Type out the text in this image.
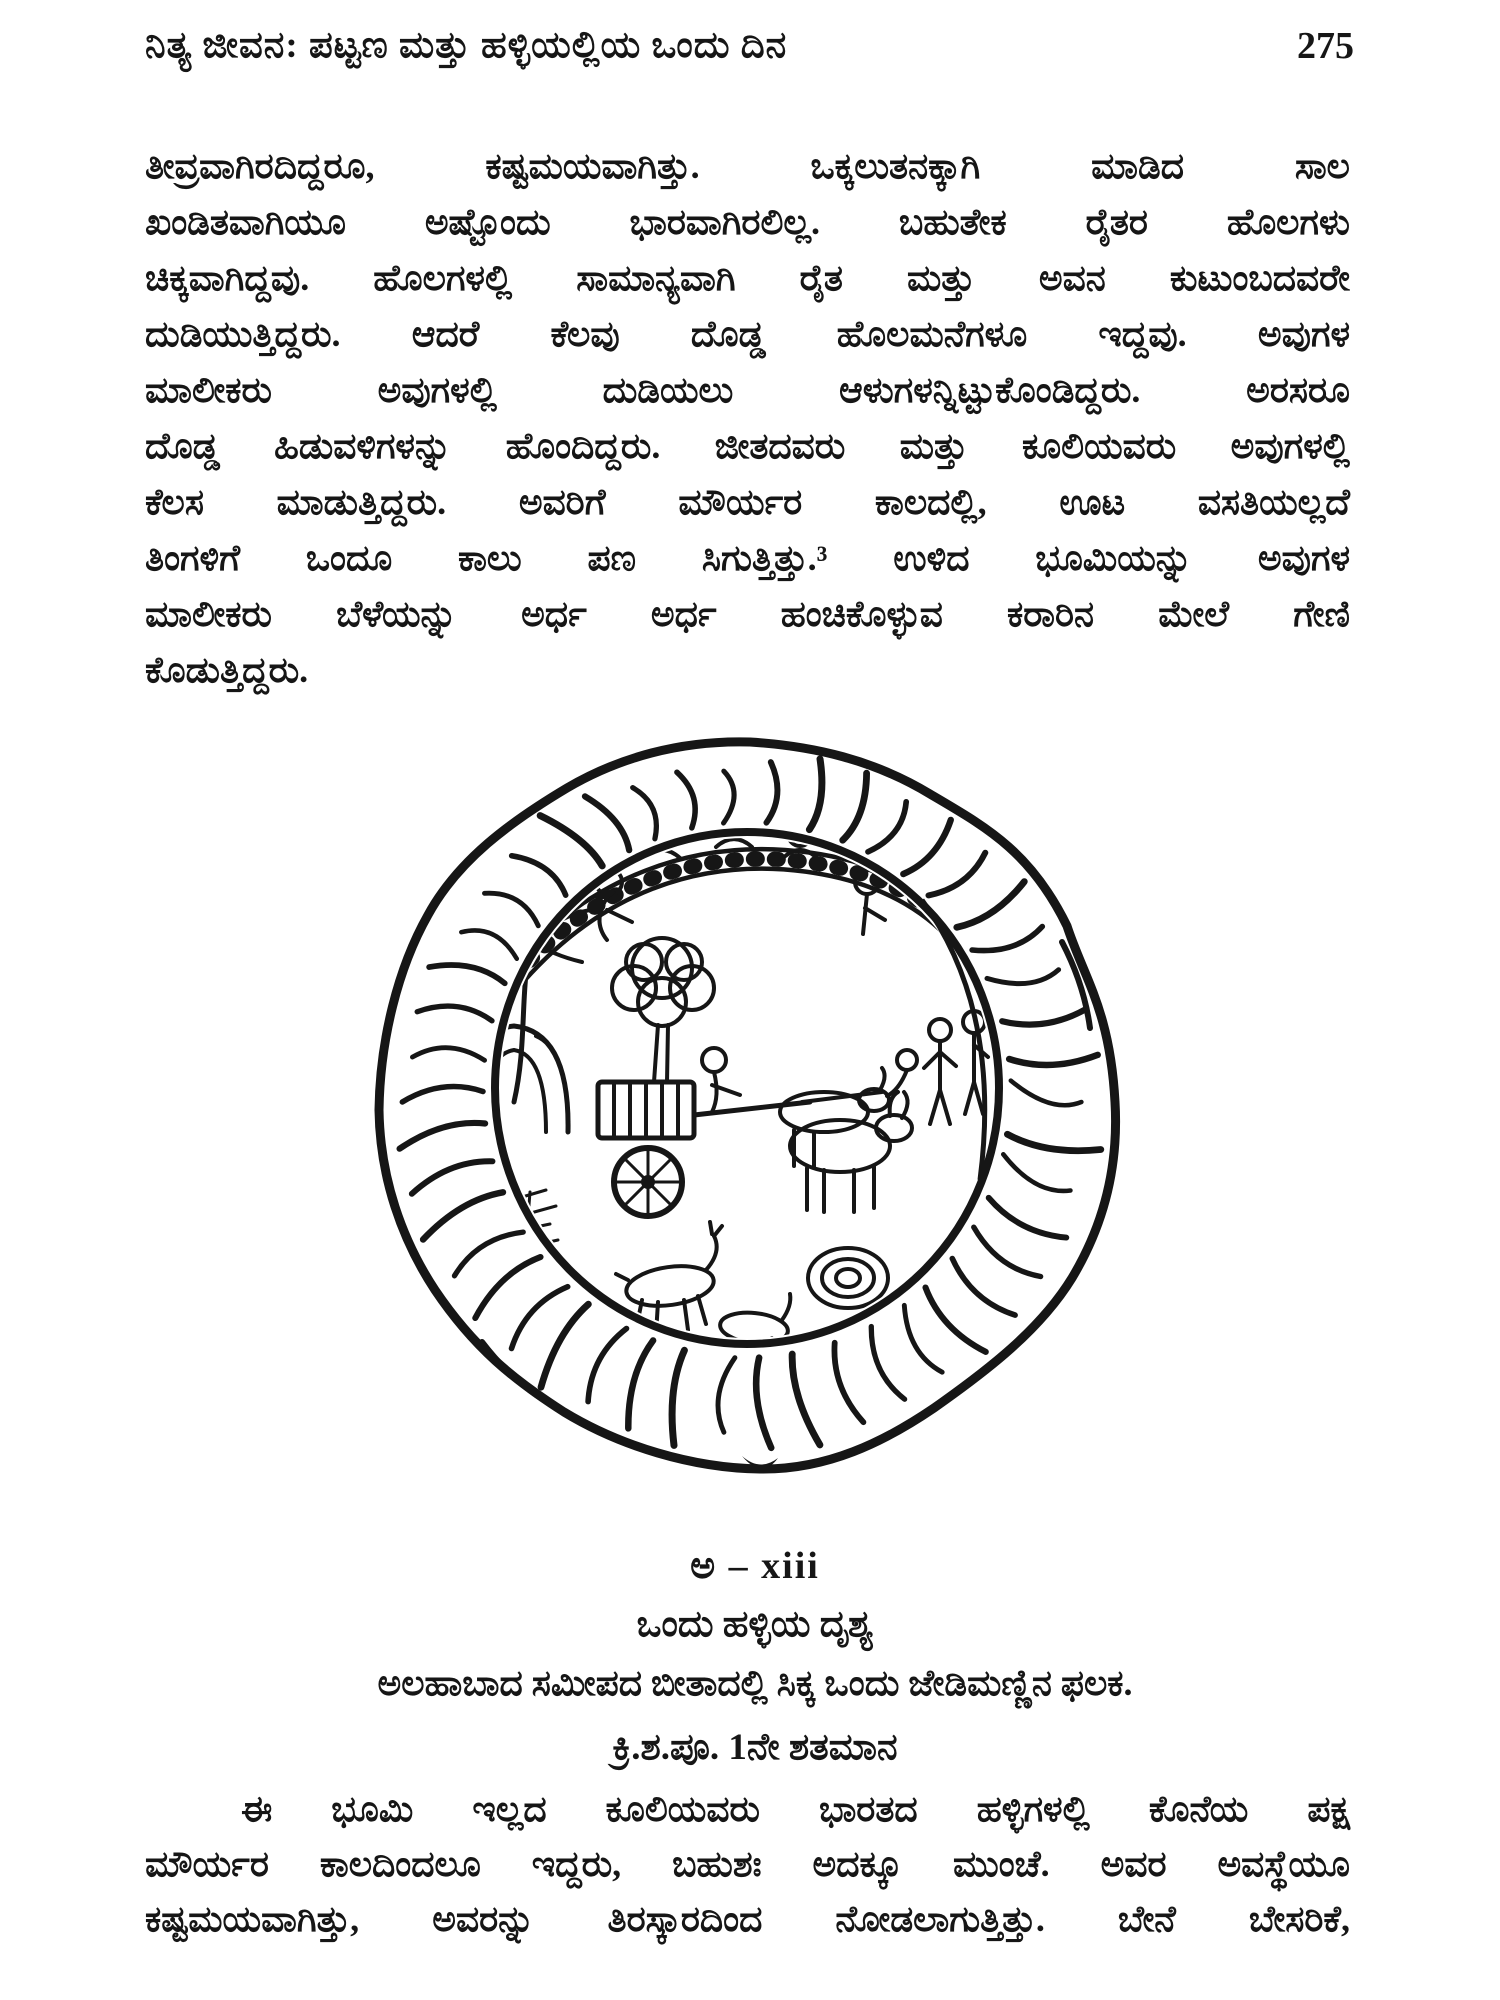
ನಿತ್ಯ ಜೀವನ: ಪಟ್ಟಣ ಮತ್ತು ಹಳ್ಳಿಯಲ್ಲಿಯ ಒಂದು ದಿನ	275
ತೀವ್ರವಾಗಿರದಿದ್ದರೂ, ಕಷ್ಟಮಯವಾಗಿತ್ತು. ಒಕ್ಕಲುತನಕ್ಕಾಗಿ ಮಾಡಿದ ಸಾಲ
ಖಂಡಿತವಾಗಿಯೂ ಅಷ್ಟೊಂದು ಭಾರವಾಗಿರಲಿಲ್ಲ. ಬಹುತೇಕ ರೈತರ ಹೊಲಗಳು
ಚಿಕ್ಕವಾಗಿದ್ದವು. ಹೊಲಗಳಲ್ಲಿ ಸಾಮಾನ್ಯವಾಗಿ ರೈತ ಮತ್ತು ಅವನ ಕುಟುಂಬದವರೇ
ದುಡಿಯುತ್ತಿದ್ದರು. ಆದರೆ ಕೆಲವು ದೊಡ್ಡ ಹೊಲಮನೆಗಳೂ ಇದ್ದವು. ಅವುಗಳ
ಮಾಲೀಕರು ಅವುಗಳಲ್ಲಿ ದುಡಿಯಲು ಆಳುಗಳನ್ನಿಟ್ಟುಕೊಂಡಿದ್ದರು. ಅರಸರೂ
ದೊಡ್ಡ ಹಿಡುವಳಿಗಳನ್ನು ಹೊಂದಿದ್ದರು. ಜೀತದವರು ಮತ್ತು ಕೂಲಿಯವರು ಅವುಗಳಲ್ಲಿ
ಕೆಲಸ ಮಾಡುತ್ತಿದ್ದರು. ಅವರಿಗೆ ಮೌರ್ಯರ ಕಾಲದಲ್ಲಿ, ಊಟ ವಸತಿಯಲ್ಲದೆ
ತಿಂಗಳಿಗೆ ಒಂದೂ ಕಾಲು ಪಣ ಸಿಗುತ್ತಿತ್ತು.³ ಉಳಿದ ಭೂಮಿಯನ್ನು ಅವುಗಳ
ಮಾಲೀಕರು ಬೆಳೆಯನ್ನು ಅರ್ಧ ಅರ್ಧ ಹಂಚಿಕೊಳ್ಳುವ ಕರಾರಿನ ಮೇಲೆ ಗೇಣಿ
ಕೊಡುತ್ತಿದ್ದರು.
ಅ – xiii
ಒಂದು ಹಳ್ಳಿಯ ದೃಶ್ಯ
ಅಲಹಾಬಾದ ಸಮೀಪದ ಬೀತಾದಲ್ಲಿ ಸಿಕ್ಕ ಒಂದು ಜೇಡಿಮಣ್ಣಿನ ಫಲಕ.
ಕ್ರಿ.ಶ.ಪೂ. 1ನೇ ಶತಮಾನ
ಈ ಭೂಮಿ ಇಲ್ಲದ ಕೂಲಿಯವರು ಭಾರತದ ಹಳ್ಳಿಗಳಲ್ಲಿ ಕೊನೆಯ ಪಕ್ಷ
ಮೌರ್ಯರ ಕಾಲದಿಂದಲೂ ಇದ್ದರು, ಬಹುಶಃ ಅದಕ್ಕೂ ಮುಂಚೆ. ಅವರ ಅವಸ್ಥೆಯೂ
ಕಷ್ಟಮಯವಾಗಿತ್ತು, ಅವರನ್ನು ತಿರಸ್ಕಾರದಿಂದ ನೋಡಲಾಗುತ್ತಿತ್ತು. ಬೇನೆ ಬೇಸರಿಕೆ,
